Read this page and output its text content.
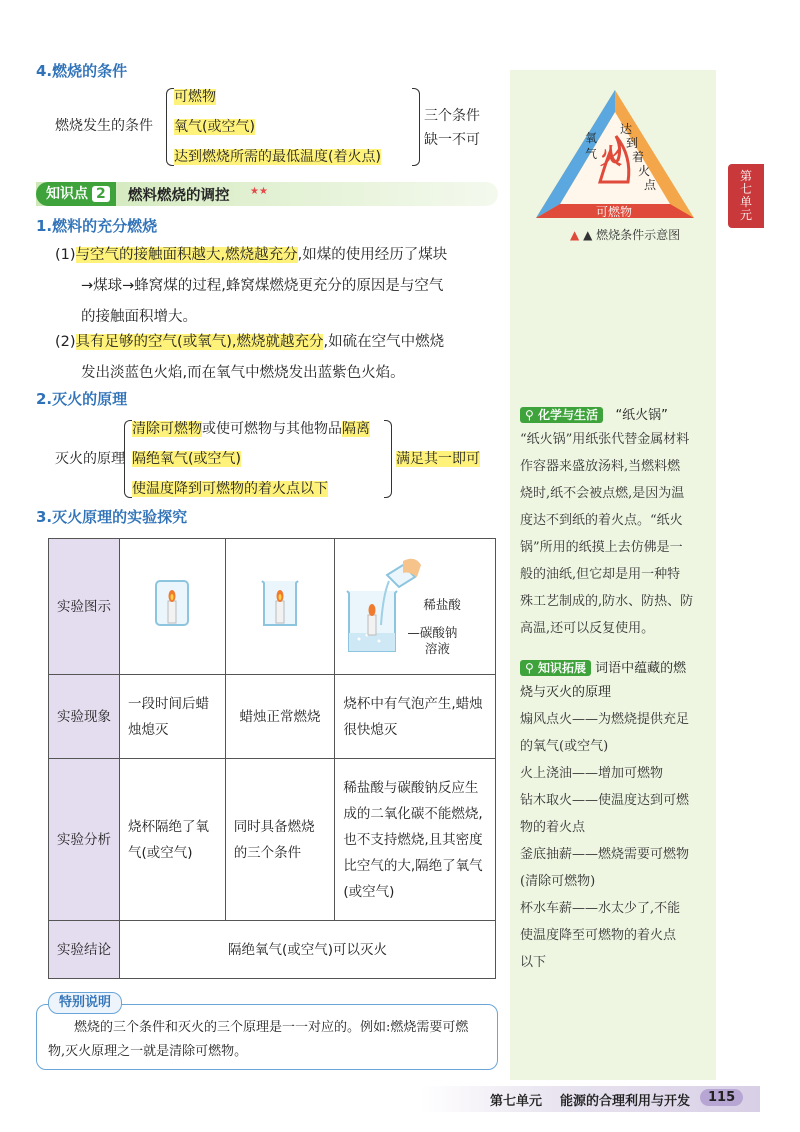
4.燃烧的条件
燃烧发生的条件
可燃物
氧气(或空气)
达到燃烧所需的最低温度(着火点)
三个条件
缺一不可
知识点 2	燃料燃烧的调控 ★★
1.燃料的充分燃烧
(1)与空气的接触面积越大,燃烧越充分,如煤的使用经历了煤块
→煤球→蜂窝煤的过程,蜂窝煤燃烧更充分的原因是与空气
的接触面积增大。
(2)具有足够的空气(或氧气),燃烧就越充分,如硫在空气中燃烧
发出淡蓝色火焰,而在氧气中燃烧发出蓝紫色火焰。
2.灭火的原理
灭火的原理
清除可燃物或使可燃物与其他物品隔离
隔绝氧气(或空气)
使温度降到可燃物的着火点以下
满足其一即可
3.灭火原理的实验探究
实验图示			稀盐酸
—碳酸钠
溶液

实验现象	一段时间后蜡烛熄灭	蜡烛正常燃烧	烧杯中有气泡产生,蜡烛很快熄灭
实验分析	烧杯隔绝了氧气(或空气)	同时具备燃烧的三个条件	稀盐酸与碳酸钠反应生成的二氧化碳不能燃烧,也不支持燃烧,且其密度比空气的大,隔绝了氧气(或空气)
实验结论	隔绝氧气(或空气)可以灭火		
特别说明
燃烧的三个条件和灭火的三个原理是一一对应的。例如:燃烧需要可燃
物,灭火原理之一就是清除可燃物。
氧气 火
达
到
着
火
点
可燃物
▲ ▲ 燃烧条件示意图
⚲ 化学与生活 “纸火锅”
“纸火锅”用纸张代替金属材料
作容器来盛放汤料,当燃料燃
烧时,纸不会被点燃,是因为温
度达不到纸的着火点。“纸火
锅”所用的纸摸上去仿佛是一
般的油纸,但它却是用一种特
殊工艺制成的,防水、防热、防
高温,还可以反复使用。
⚲ 知识拓展 词语中蕴藏的燃
烧与灭火的原理
煽风点火——为燃烧提供充足
的氧气(或空气)
火上浇油——增加可燃物
钻木取火——使温度达到可燃
物的着火点
釜底抽薪——燃烧需要可燃物
(清除可燃物)
杯水车薪——水太少了,不能
使温度降至可燃物的着火点
以下
第
七
单
元
第七单元 能源的合理利用与开发	115
